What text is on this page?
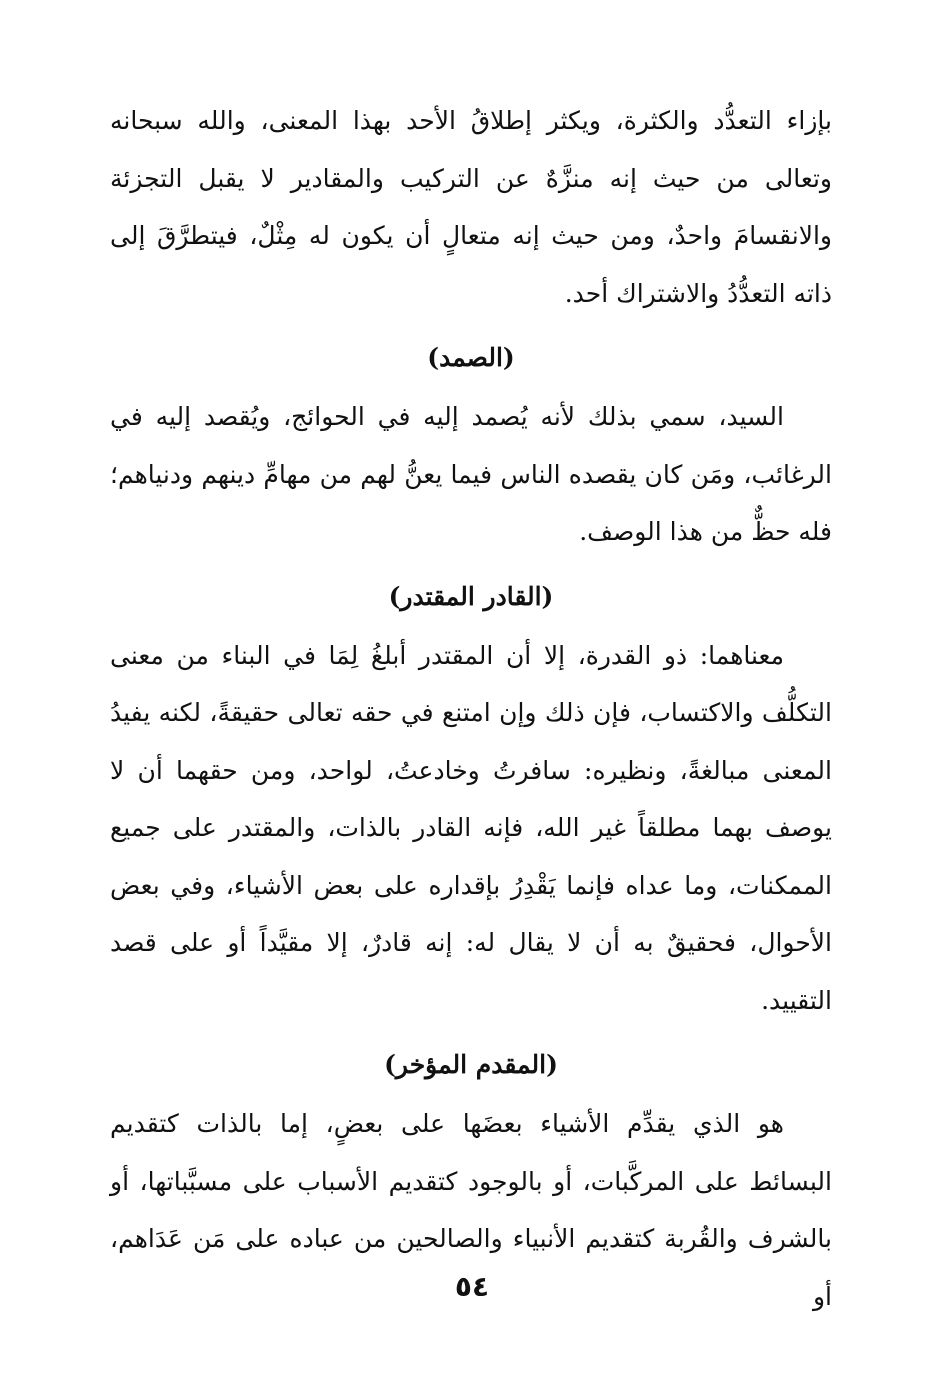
بإزاء التعدُّد والكثرة، ويكثر إطلاقُ الأحد بهذا المعنى، والله سبحانه وتعالى من حيث إنه منزَّهٌ عن التركيب والمقادير لا يقبل التجزئة والانقسامَ واحدٌ، ومن حيث إنه متعالٍ أن يكون له مِثْلٌ، فيتطرَّقَ إلى ذاته التعدُّدُ والاشتراك أحد.

(الصمد)

السيد، سمي بذلك لأنه يُصمد إليه في الحوائج، ويُقصد إليه في الرغائب، ومَن كان يقصده الناس فيما يعنُّ لهم من مهامِّ دينهم ودنياهم؛ فله حظٌّ من هذا الوصف.

(القادر المقتدر)

معناهما: ذو القدرة، إلا أن المقتدر أبلغُ لِمَا في البناء من معنى التكلُّف والاكتساب، فإن ذلك وإن امتنع في حقه تعالى حقيقةً، لكنه يفيدُ المعنى مبالغةً، ونظيره: سافرتُ وخادعتُ، لواحد، ومن حقهما أن لا يوصف بهما مطلقاً غير الله، فإنه القادر بالذات، والمقتدر على جميع الممكنات، وما عداه فإنما يَقْدِرُ بإقداره على بعض الأشياء، وفي بعض الأحوال، فحقيقٌ به أن لا يقال له: إنه قادرٌ، إلا مقيَّداً أو على قصد التقييد.

(المقدم المؤخر)

هو الذي يقدِّم الأشياء بعضَها على بعضٍ، إما بالذات كتقديم البسائط على المركَّبات، أو بالوجود كتقديم الأسباب على مسبَّباتها، أو بالشرف والقُربة كتقديم الأنبياء والصالحين من عباده على مَن عَدَاهم، أو

٥٤
